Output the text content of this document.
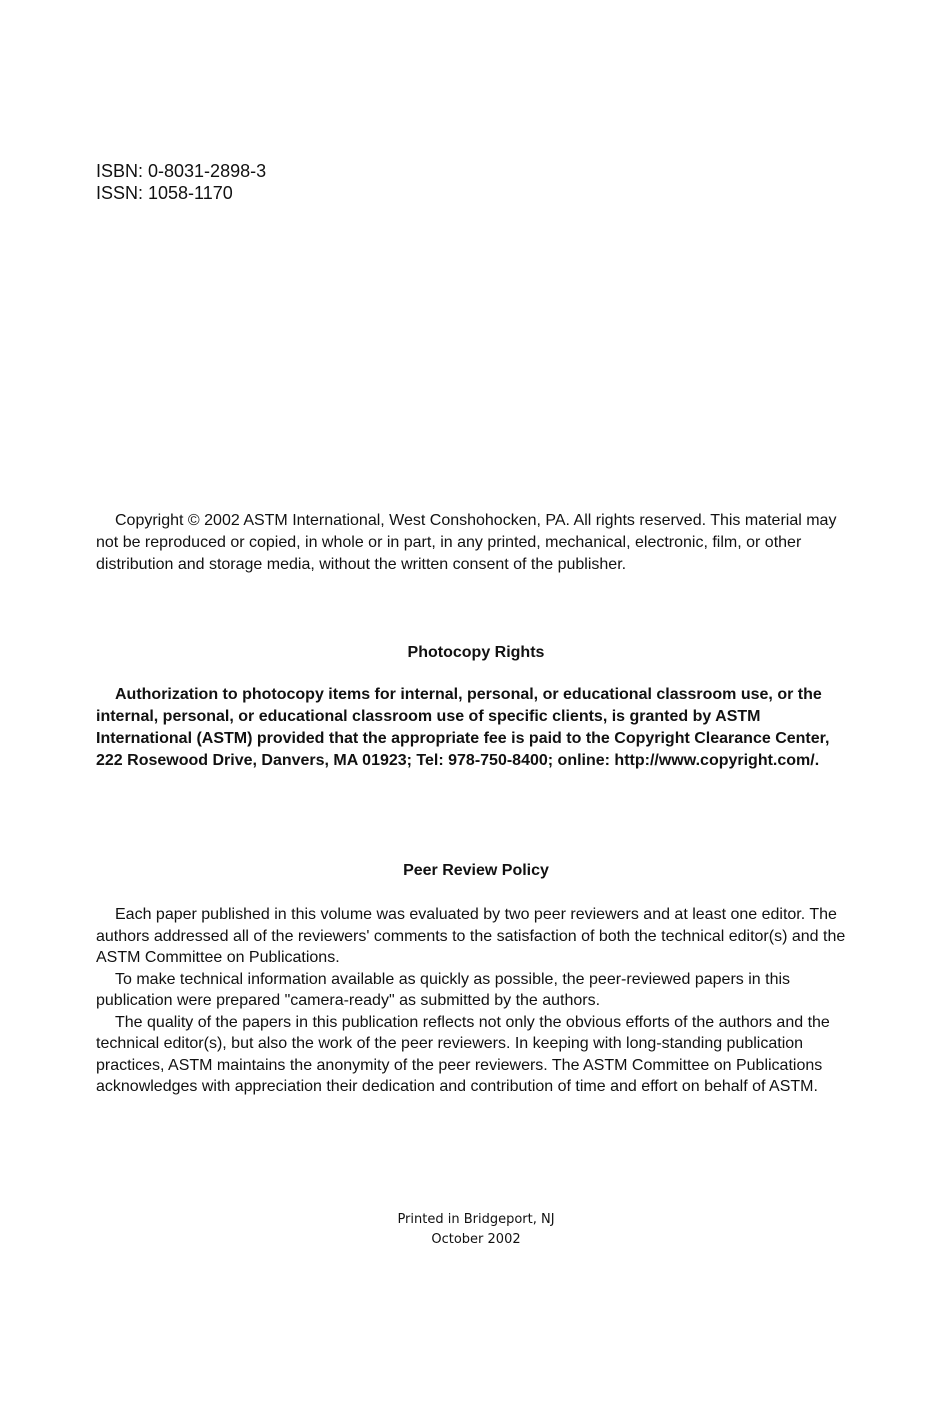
ISBN: 0-8031-2898-3
ISSN: 1058-1170
Copyright © 2002 ASTM International, West Conshohocken, PA. All rights reserved. This material may not be reproduced or copied, in whole or in part, in any printed, mechanical, electronic, film, or other distribution and storage media, without the written consent of the publisher.
Photocopy Rights
Authorization to photocopy items for internal, personal, or educational classroom use, or the internal, personal, or educational classroom use of specific clients, is granted by ASTM International (ASTM) provided that the appropriate fee is paid to the Copyright Clearance Center, 222 Rosewood Drive, Danvers, MA 01923; Tel: 978-750-8400; online: http://www.copyright.com/.
Peer Review Policy

Each paper published in this volume was evaluated by two peer reviewers and at least one editor. The authors addressed all of the reviewers' comments to the satisfaction of both the technical editor(s) and the ASTM Committee on Publications.

To make technical information available as quickly as possible, the peer-reviewed papers in this publication were prepared "camera-ready" as submitted by the authors.

The quality of the papers in this publication reflects not only the obvious efforts of the authors and the technical editor(s), but also the work of the peer reviewers. In keeping with long-standing publication practices, ASTM maintains the anonymity of the peer reviewers. The ASTM Committee on Publications acknowledges with appreciation their dedication and contribution of time and effort on behalf of ASTM.

Printed in Bridgeport, NJ
October 2002
